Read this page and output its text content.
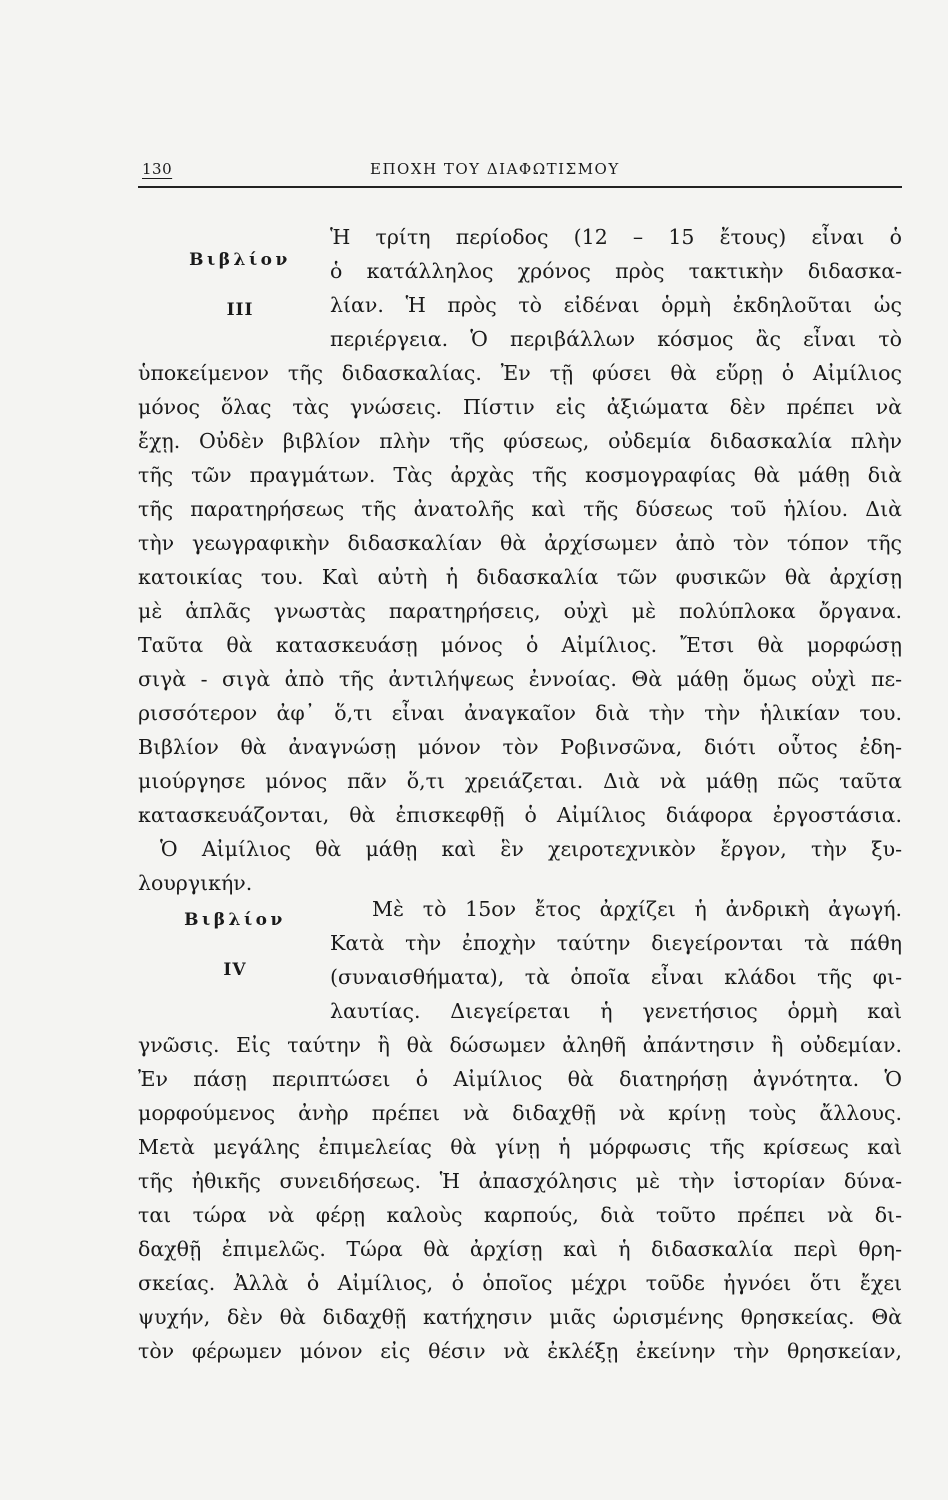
130	ΕΠΟΧΗ ΤΟΥ ΔΙΑΦΩΤΙΣΜΟΥ
Βιβλίον
III
Βιβλίον
IV
Ἡ τρίτη περίοδος (12 – 15 ἔτους) εἶναι ὁ
ὁ κατάλληλος χρόνος πρὸς τακτικὴν διδασκα-
λίαν. Ἡ πρὸς τὸ εἰδέναι ὁρμὴ ἐκδηλοῦται ὡς
περιέργεια. Ὁ περιβάλλων κόσμος ἂς εἶναι τὸ
ὑποκείμενον τῆς διδασκαλίας. Ἐν τῇ φύσει θὰ εὕρῃ ὁ Αἰμίλιος
μόνος ὅλας τὰς γνώσεις. Πίστιν εἰς ἀξιώματα δὲν πρέπει νὰ
ἔχῃ. Οὐδὲν βιβλίον πλὴν τῆς φύσεως, οὐδεμία διδασκαλία πλὴν
τῆς τῶν πραγμάτων. Τὰς ἀρχὰς τῆς κοσμογραφίας θὰ μάθῃ διὰ
τῆς παρατηρήσεως τῆς ἀνατολῆς καὶ τῆς δύσεως τοῦ ἡλίου. Διὰ
τὴν γεωγραφικὴν διδασκαλίαν θὰ ἀρχίσωμεν ἀπὸ τὸν τόπον τῆς
κατοικίας του. Καὶ αὐτὴ ἡ διδασκαλία τῶν φυσικῶν θὰ ἀρχίσῃ
μὲ ἁπλᾶς γνωστὰς παρατηρήσεις, οὐχὶ μὲ πολύπλοκα ὄργανα.
Ταῦτα θὰ κατασκευάσῃ μόνος ὁ Αἰμίλιος. Ἔτσι θὰ μορφώσῃ
σιγὰ - σιγὰ ἀπὸ τῆς ἀντιλήψεως ἐννοίας. Θὰ μάθῃ ὅμως οὐχὶ πε-
ρισσότερον ἀφ᾽ ὅ,τι εἶναι ἀναγκαῖον διὰ τὴν τὴν ἡλικίαν του.
Βιβλίον θὰ ἀναγνώσῃ μόνον τὸν Ροβινσῶνα, διότι οὗτος ἐδη-
μιούργησε μόνος πᾶν ὅ,τι χρειάζεται. Διὰ νὰ μάθῃ πῶς ταῦτα
κατασκευάζονται, θὰ ἐπισκεφθῇ ὁ Αἰμίλιος διάφορα ἐργοστάσια.
Ὁ Αἰμίλιος θὰ μάθῃ καὶ ἓν χειροτεχνικὸν ἔργον, τὴν ξυ-
λουργικήν.
Μὲ τὸ 15ον ἔτος ἀρχίζει ἡ ἀνδρικὴ ἀγωγή.
Κατὰ τὴν ἐποχὴν ταύτην διεγείρονται τὰ πάθη
(συναισθήματα), τὰ ὁποῖα εἶναι κλάδοι τῆς φι-
λαυτίας. Διεγείρεται ἡ γενετήσιος ὁρμὴ καὶ
γνῶσις. Εἰς ταύτην ἢ θὰ δώσωμεν ἀληθῆ ἀπάντησιν ἢ οὐδεμίαν.
Ἐν πάσῃ περιπτώσει ὁ Αἰμίλιος θὰ διατηρήσῃ ἀγνότητα. Ὁ
μορφούμενος ἀνὴρ πρέπει νὰ διδαχθῇ νὰ κρίνῃ τοὺς ἄλλους.
Μετὰ μεγάλης ἐπιμελείας θὰ γίνῃ ἡ μόρφωσις τῆς κρίσεως καὶ
τῆς ἠθικῆς συνειδήσεως. Ἡ ἀπασχόλησις μὲ τὴν ἱστορίαν δύνα-
ται τώρα νὰ φέρῃ καλοὺς καρπούς, διὰ τοῦτο πρέπει νὰ δι-
δαχθῇ ἐπιμελῶς. Τώρα θὰ ἀρχίσῃ καὶ ἡ διδασκαλία περὶ θρη-
σκείας. Ἀλλὰ ὁ Αἰμίλιος, ὁ ὁποῖος μέχρι τοῦδε ἠγνόει ὅτι ἔχει
ψυχήν, δὲν θὰ διδαχθῇ κατήχησιν μιᾶς ὡρισμένης θρησκείας. Θὰ
τὸν φέρωμεν μόνον εἰς θέσιν νὰ ἐκλέξῃ ἐκείνην τὴν θρησκείαν,
